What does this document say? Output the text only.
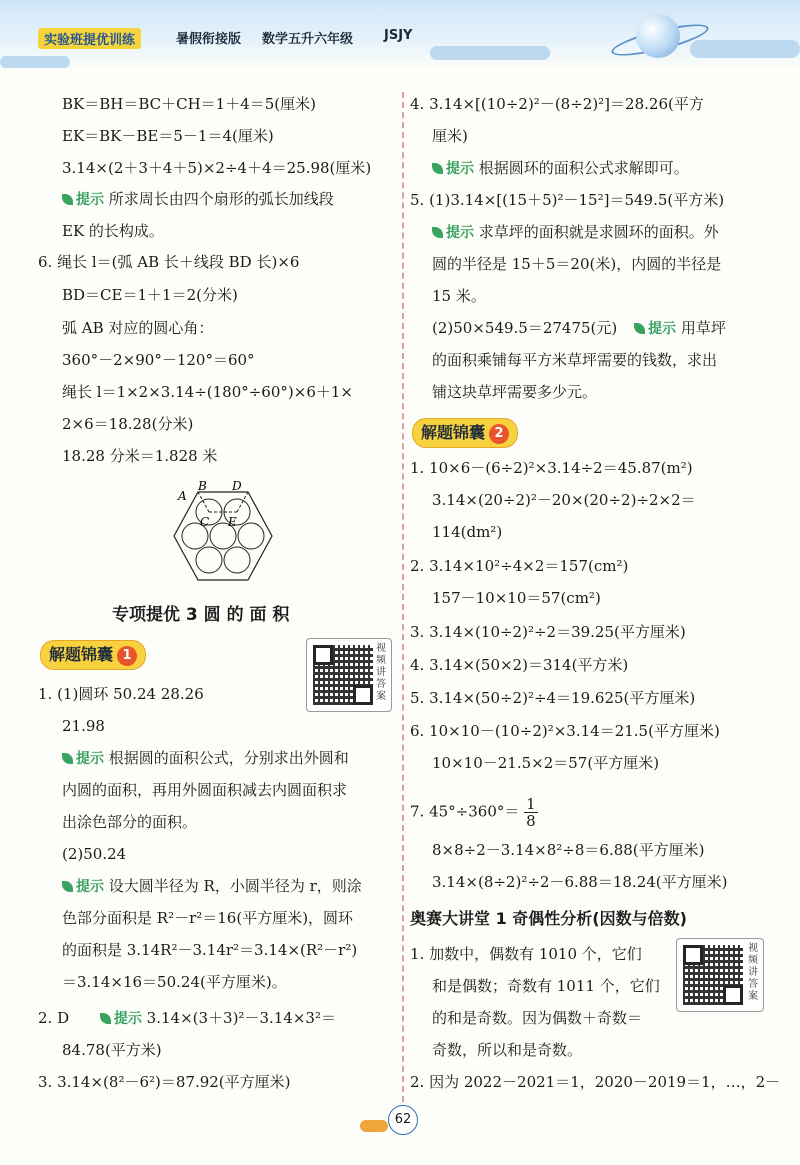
实验班提优训练	暑假衔接版 数学五升六年级 JSJY
BK＝BH＝BC＋CH＝1＋4＝5(厘米)
EK＝BK－BE＝5－1＝4(厘米)
3.14×(2＋3＋4＋5)×2÷4＋4＝25.98(厘米)
提示 所求周长由四个扇形的弧长加线段
EK 的长构成。
6. 绳长 l＝(弧 AB 长＋线段 BD 长)×6
BD＝CE＝1＋1＝2(分米)
弧 AB 对应的圆心角：
360°－2×90°－120°＝60°
绳长 l＝1×2×3.14÷(180°÷60°)×6＋1×
2×6＝18.28(分米)
18.28 分米＝1.828 米
A
B D
C E
专项提优 3 圆 的 面 积
解题锦囊 1	视频讲答案
1. (1)圆环 50.24 28.26
21.98
提示 根据圆的面积公式，分别求出外圆和
内圆的面积，再用外圆面积减去内圆面积求
出涂色部分的面积。
(2)50.24
提示 设大圆半径为 R，小圆半径为 r，则涂
色部分面积是 R²－r²＝16(平方厘米)，圆环
的面积是 3.14R²－3.14r²＝3.14×(R²－r²)
＝3.14×16＝50.24(平方厘米)。
2. D	提示 3.14×(3＋3)²－3.14×3²＝
84.78(平方米)
3. 3.14×(8²－6²)＝87.92(平方厘米)
4. 3.14×[(10÷2)²－(8÷2)²]＝28.26(平方
厘米)
提示 根据圆环的面积公式求解即可。
5. (1)3.14×[(15＋5)²－15²]＝549.5(平方米)
提示 求草坪的面积就是求圆环的面积。外
圆的半径是 15＋5＝20(米)，内圆的半径是
15 米。
(2)50×549.5＝27475(元) 提示 用草坪
的面积乘铺每平方米草坪需要的钱数，求出
铺这块草坪需要多少元。
解题锦囊 2
1. 10×6－(6÷2)²×3.14÷2＝45.87(m²)
3.14×(20÷2)²－20×(20÷2)÷2×2＝
114(dm²)
2. 3.14×10²÷4×2＝157(cm²)
157－10×10＝57(cm²)
3. 3.14×(10÷2)²÷2＝39.25(平方厘米)
4. 3.14×(50×2)＝314(平方米)
5. 3.14×(50÷2)²÷4＝19.625(平方厘米)
6. 10×10－(10÷2)²×3.14＝21.5(平方厘米)
10×10－21.5×2＝57(平方厘米)
7. $45^\circ\div 360^\circ= \frac{1}{8}$
8×8÷2－3.14×8²÷8＝6.88(平方厘米)
3.14×(8÷2)²÷2－6.88＝18.24(平方厘米)
奥赛大讲堂 1 奇偶性分析(因数与倍数)
视频讲答案
1. 加数中，偶数有 1010 个，它们
和是偶数；奇数有 1011 个，它们
的和是奇数。因为偶数＋奇数＝
奇数，所以和是奇数。
2. 因为 2022－2021＝1，2020－2019＝1，…，2－
62
